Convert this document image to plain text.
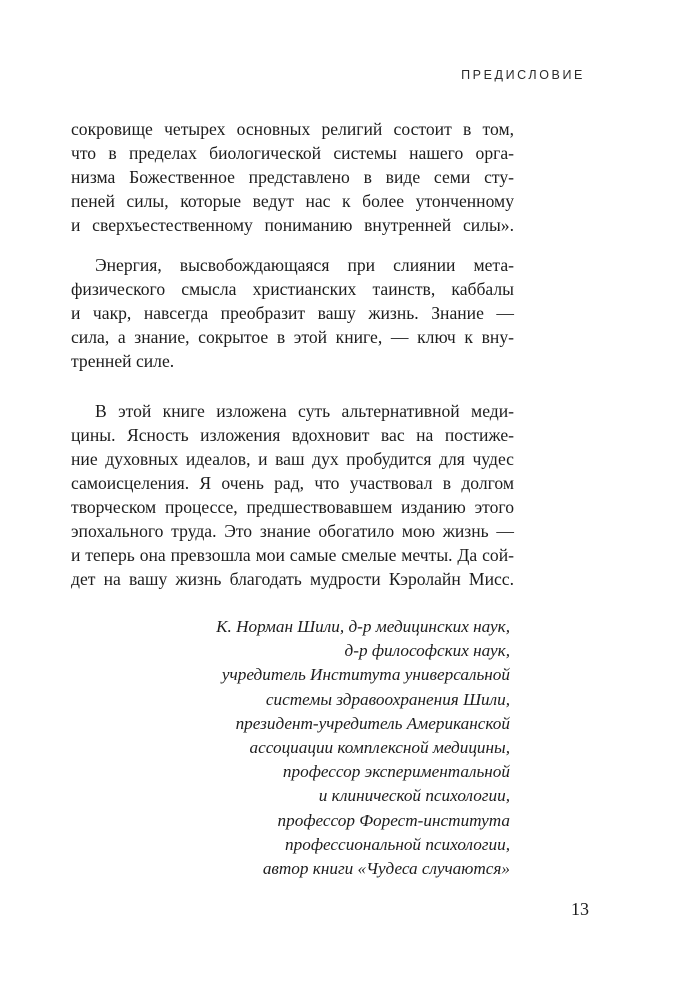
ПРЕДИСЛОВИЕ

сокровище четырех основных религий состоит в том,
что в пределах биологической системы нашего орга-
низма Божественное представлено в виде семи сту-
пеней силы, которые ведут нас к более утонченному
и сверхъестественному пониманию внутренней силы».

Энергия, высвобождающаяся при слиянии мета-
физического смысла христианских таинств, каббалы
и чакр, навсегда преобразит вашу жизнь. Знание —
сила, а знание, сокрытое в этой книге, — ключ к вну-
тренней силе.

В этой книге изложена суть альтернативной меди-
цины. Ясность изложения вдохновит вас на постиже-
ние духовных идеалов, и ваш дух пробудится для чудес
самоисцеления. Я очень рад, что участвовал в долгом
творческом процессе, предшествовавшем изданию этого
эпохального труда. Это знание обогатило мою жизнь —
и теперь она превзошла мои самые смелые мечты. Да сой-
дет на вашу жизнь благодать мудрости Кэролайн Мисс.

К. Норман Шили, д-р медицинских наук,
д-р философских наук,
учредитель Института универсальной
системы здравоохранения Шили,
президент-учредитель Американской
ассоциации комплексной медицины,
профессор экспериментальной
и клинической психологии,
профессор Форест-института
профессиональной психологии,
автор книги «Чудеса случаются»
13
